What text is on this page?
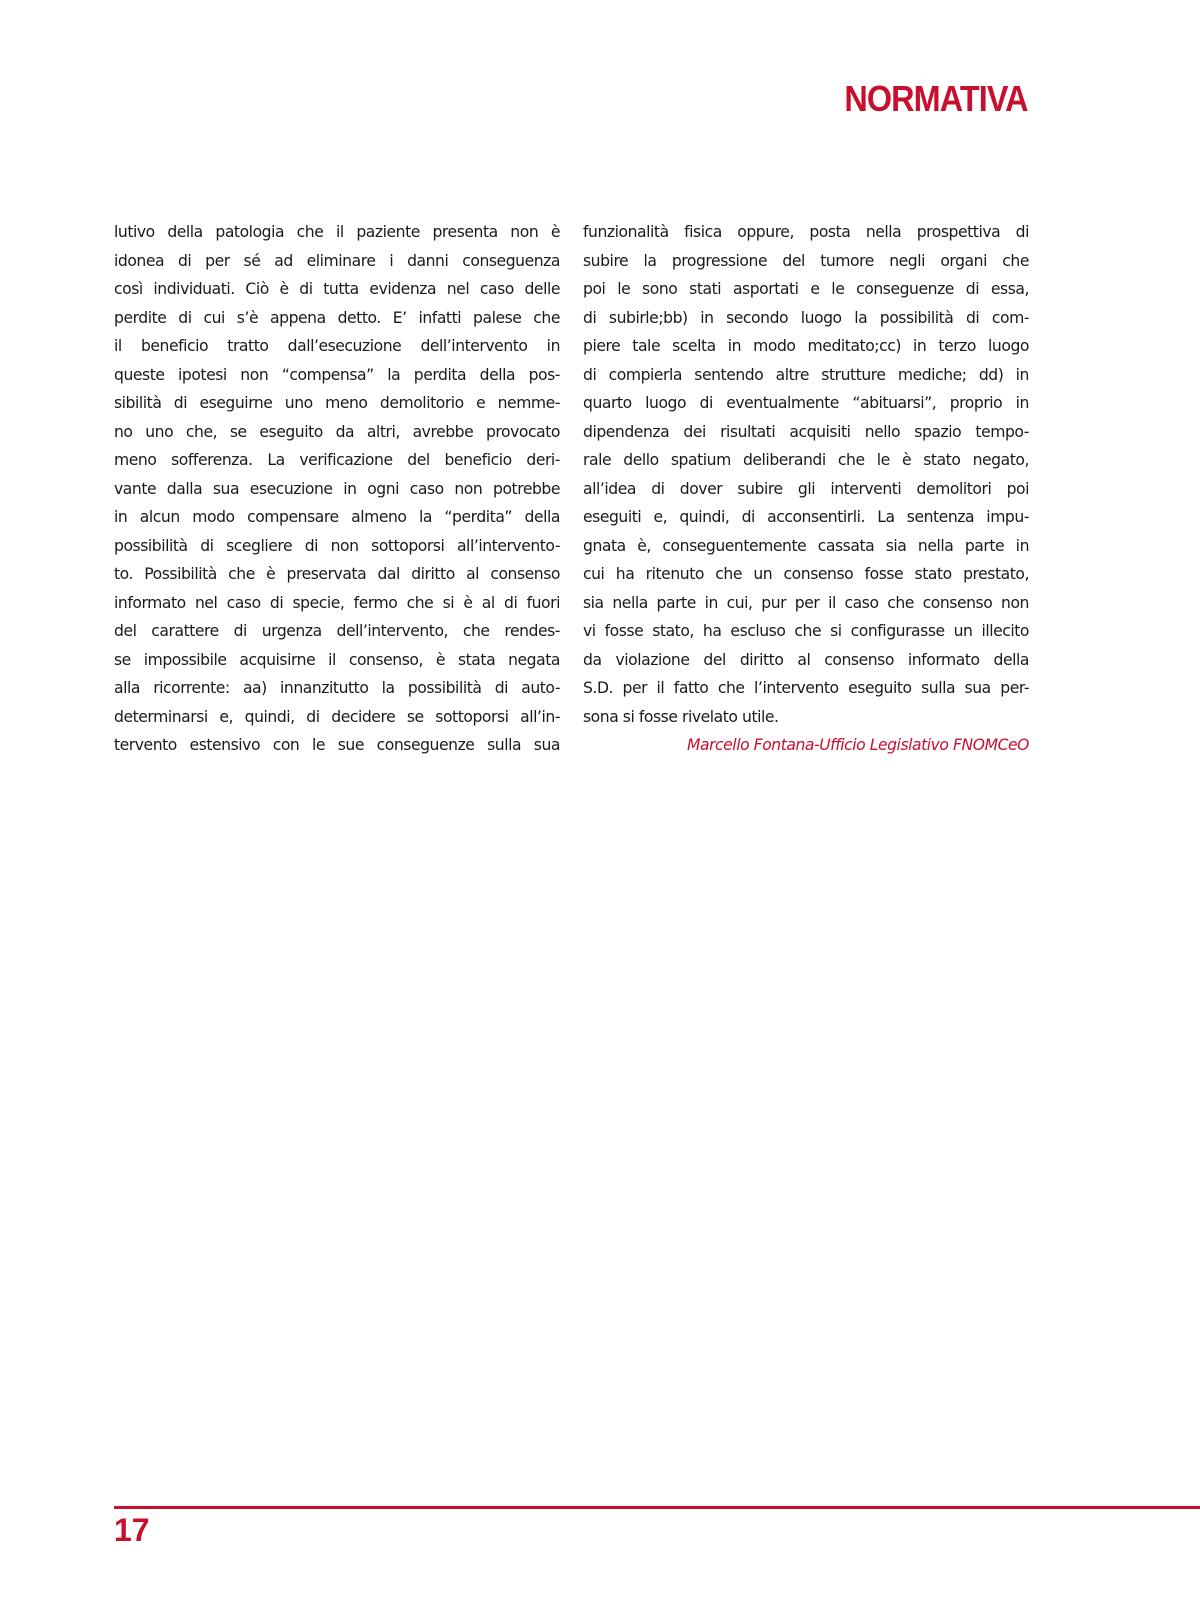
NORMATIVA

lutivo della patologia che il paziente presenta non è
idonea di per sé ad eliminare i danni conseguenza
così individuati. Ciò è di tutta evidenza nel caso delle
perdite di cui s’è appena detto. E’ infatti palese che
il beneficio tratto dall’esecuzione dell’intervento in
queste ipotesi non “compensa” la perdita della pos-
sibilità di eseguirne uno meno demolitorio e nemme-
no uno che, se eseguito da altri, avrebbe provocato
meno sofferenza. La verificazione del beneficio deri-
vante dalla sua esecuzione in ogni caso non potrebbe
in alcun modo compensare almeno la “perdita” della
possibilità di scegliere di non sottoporsi all’intervento-
to. Possibilità che è preservata dal diritto al consenso
informato nel caso di specie, fermo che si è al di fuori
del carattere di urgenza dell’intervento, che rendes-
se impossibile acquisirne il consenso, è stata negata
alla ricorrente: aa) innanzitutto la possibilità di auto-
determinarsi e, quindi, di decidere se sottoporsi all’in-
tervento estensivo con le sue conseguenze sulla sua

funzionalità fisica oppure, posta nella prospettiva di
subire la progressione del tumore negli organi che
poi le sono stati asportati e le conseguenze di essa,
di subirle;bb) in secondo luogo la possibilità di com-
piere tale scelta in modo meditato;cc) in terzo luogo
di compierla sentendo altre strutture mediche; dd) in
quarto luogo di eventualmente “abituarsi”, proprio in
dipendenza dei risultati acquisiti nello spazio tempo-
rale dello spatium deliberandi che le è stato negato,
all’idea di dover subire gli interventi demolitori poi
eseguiti e, quindi, di acconsentirli. La sentenza impu-
gnata è, conseguentemente cassata sia nella parte in
cui ha ritenuto che un consenso fosse stato prestato,
sia nella parte in cui, pur per il caso che consenso non
vi fosse stato, ha escluso che si configurasse un illecito
da violazione del diritto al consenso informato della
S.D. per il fatto che l’intervento eseguito sulla sua per-
sona si fosse rivelato utile.

Marcello Fontana-Ufficio Legislativo FNOMCeO

17
